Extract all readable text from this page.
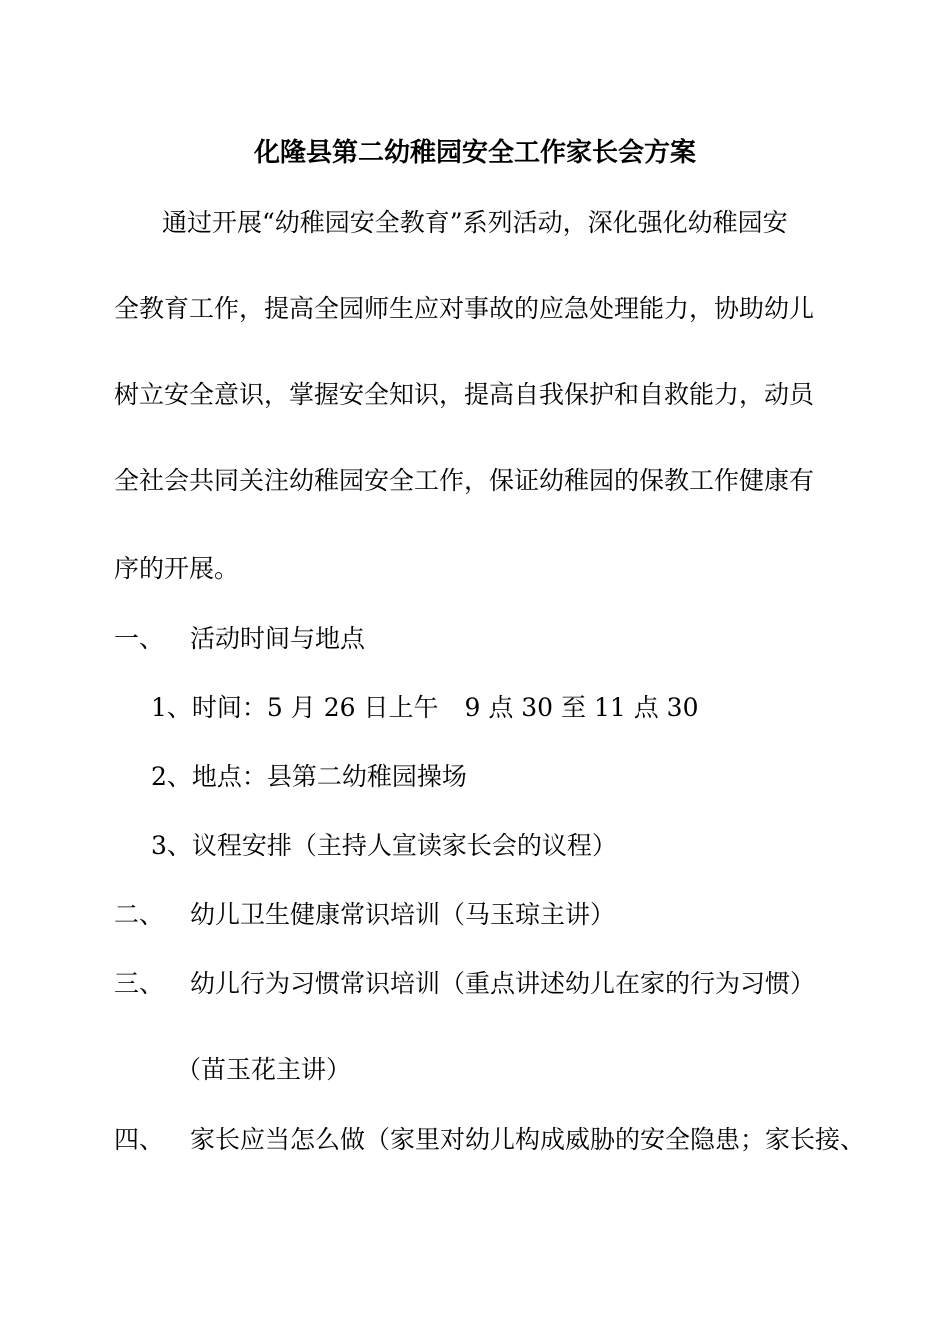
化隆县第二幼稚园安全工作家长会方案
通过开展“幼稚园安全教育”系列活动，深化强化幼稚园安
全教育工作，提高全园师生应对事故的应急处理能力，协助幼儿
树立安全意识，掌握安全知识，提高自我保护和自救能力，动员
全社会共同关注幼稚园安全工作，保证幼稚园的保教工作健康有
序的开展。
一、 活动时间与地点
1、时间：5 月 26 日上午 9 点 30 至 11 点 30
2、地点：县第二幼稚园操场
3、议程安排（主持人宣读家长会的议程）
二、 幼儿卫生健康常识培训（马玉琼主讲）
三、 幼儿行为习惯常识培训（重点讲述幼儿在家的行为习惯）
（苗玉花主讲）
四、 家长应当怎么做（家里对幼儿构成威胁的安全隐患；家长接、
